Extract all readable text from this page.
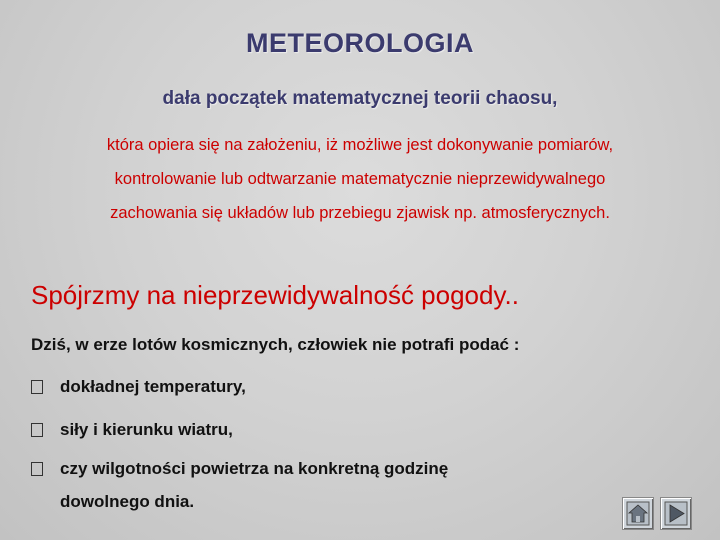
METEOROLOGIA
dała początek matematycznej teorii chaosu,
która opiera się na założeniu, iż możliwe jest dokonywanie pomiarów,
kontrolowanie lub odtwarzanie matematycznie nieprzewidywalnego
zachowania się układów lub przebiegu zjawisk np. atmosferycznych.
Spójrzmy na nieprzewidywalność pogody..
Dziś, w erze lotów kosmicznych, człowiek nie potrafi podać :
dokładnej temperatury,
siły i kierunku wiatru,
czy wilgotności powietrza na konkretną godzinę
dowolnego dnia.
